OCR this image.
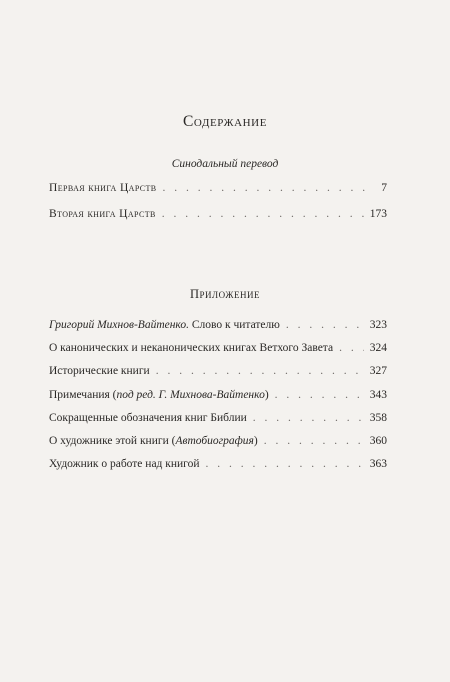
Содержание
Синодальный перевод
Первая книга Царств . . .	7
Вторая книга Царств . . .	173
Приложение
Григорий Михнов-Вайтенко. Слово к читателю . . .	323
О канонических и неканонических книгах Ветхого Завета . . .	324
Исторические книги . . .	327
Примечания (под ред. Г. Михнова-Вайтенко) . . .	343
Сокращенные обозначения книг Библии . . .	358
О художнике этой книги (Автобиография) . . .	360
Художник о работе над книгой . . .	363
